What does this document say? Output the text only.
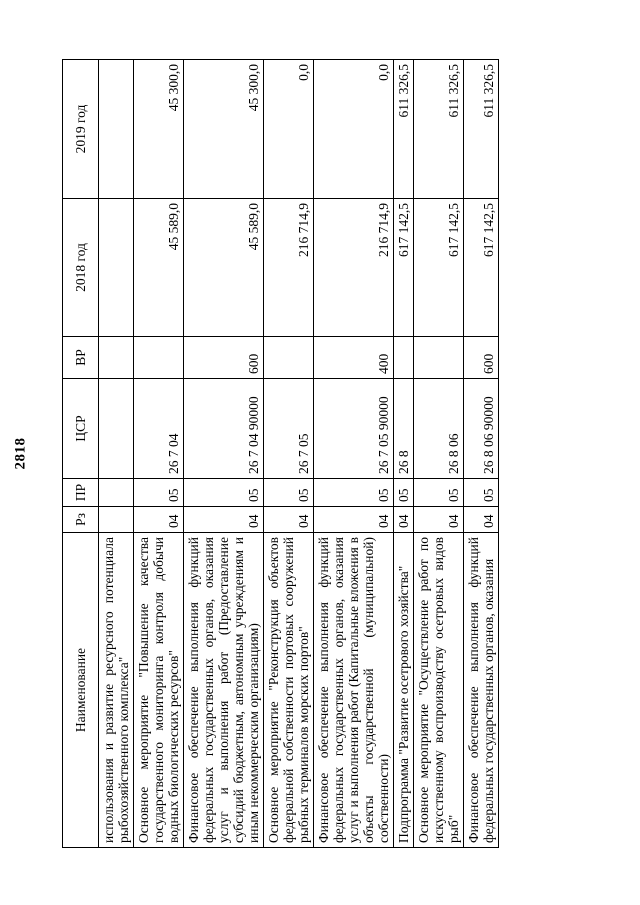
2818
Наименование	Рз	ПР	ЦСР	ВР	2018 год	2019 год
использования и развитие ресурсного потенциала рыбохозяйственного комплекса"						
Основное мероприятие "Повышение качества государственного мониторинга контроля добычи водных биологических ресурсов"	04	05	26 7 04		45 589,0	45 300,0
Финансовое обеспечение выполнения функций федеральных государственных органов, оказания услуг и выполнения работ (Предоставление субсидий бюджетным, автономным учреждениям и иным некоммерческим организациям)	04	05	26 7 04 90000	600	45 589,0	45 300,0
Основное мероприятие "Реконструкция объектов федеральной собственности портовых сооружений рыбных терминалов морских портов"	04	05	26 7 05		216 714,9	0,0
Финансовое обеспечение выполнения функций федеральных государственных органов, оказания услуг и выполнения работ (Капитальные вложения в объекты государственной (муниципальной) собственности)	04	05	26 7 05 90000	400	216 714,9	0,0
Подпрограмма "Развитие осетрового хозяйства"	04	05	26 8		617 142,5	611 326,5
Основное мероприятие "Осуществление работ по искусственному воспроизводству осетровых видов рыб"	04	05	26 8 06		617 142,5	611 326,5
Финансовое обеспечение выполнения функций федеральных государственных органов, оказания	04	05	26 8 06 90000	600	617 142,5	611 326,5
